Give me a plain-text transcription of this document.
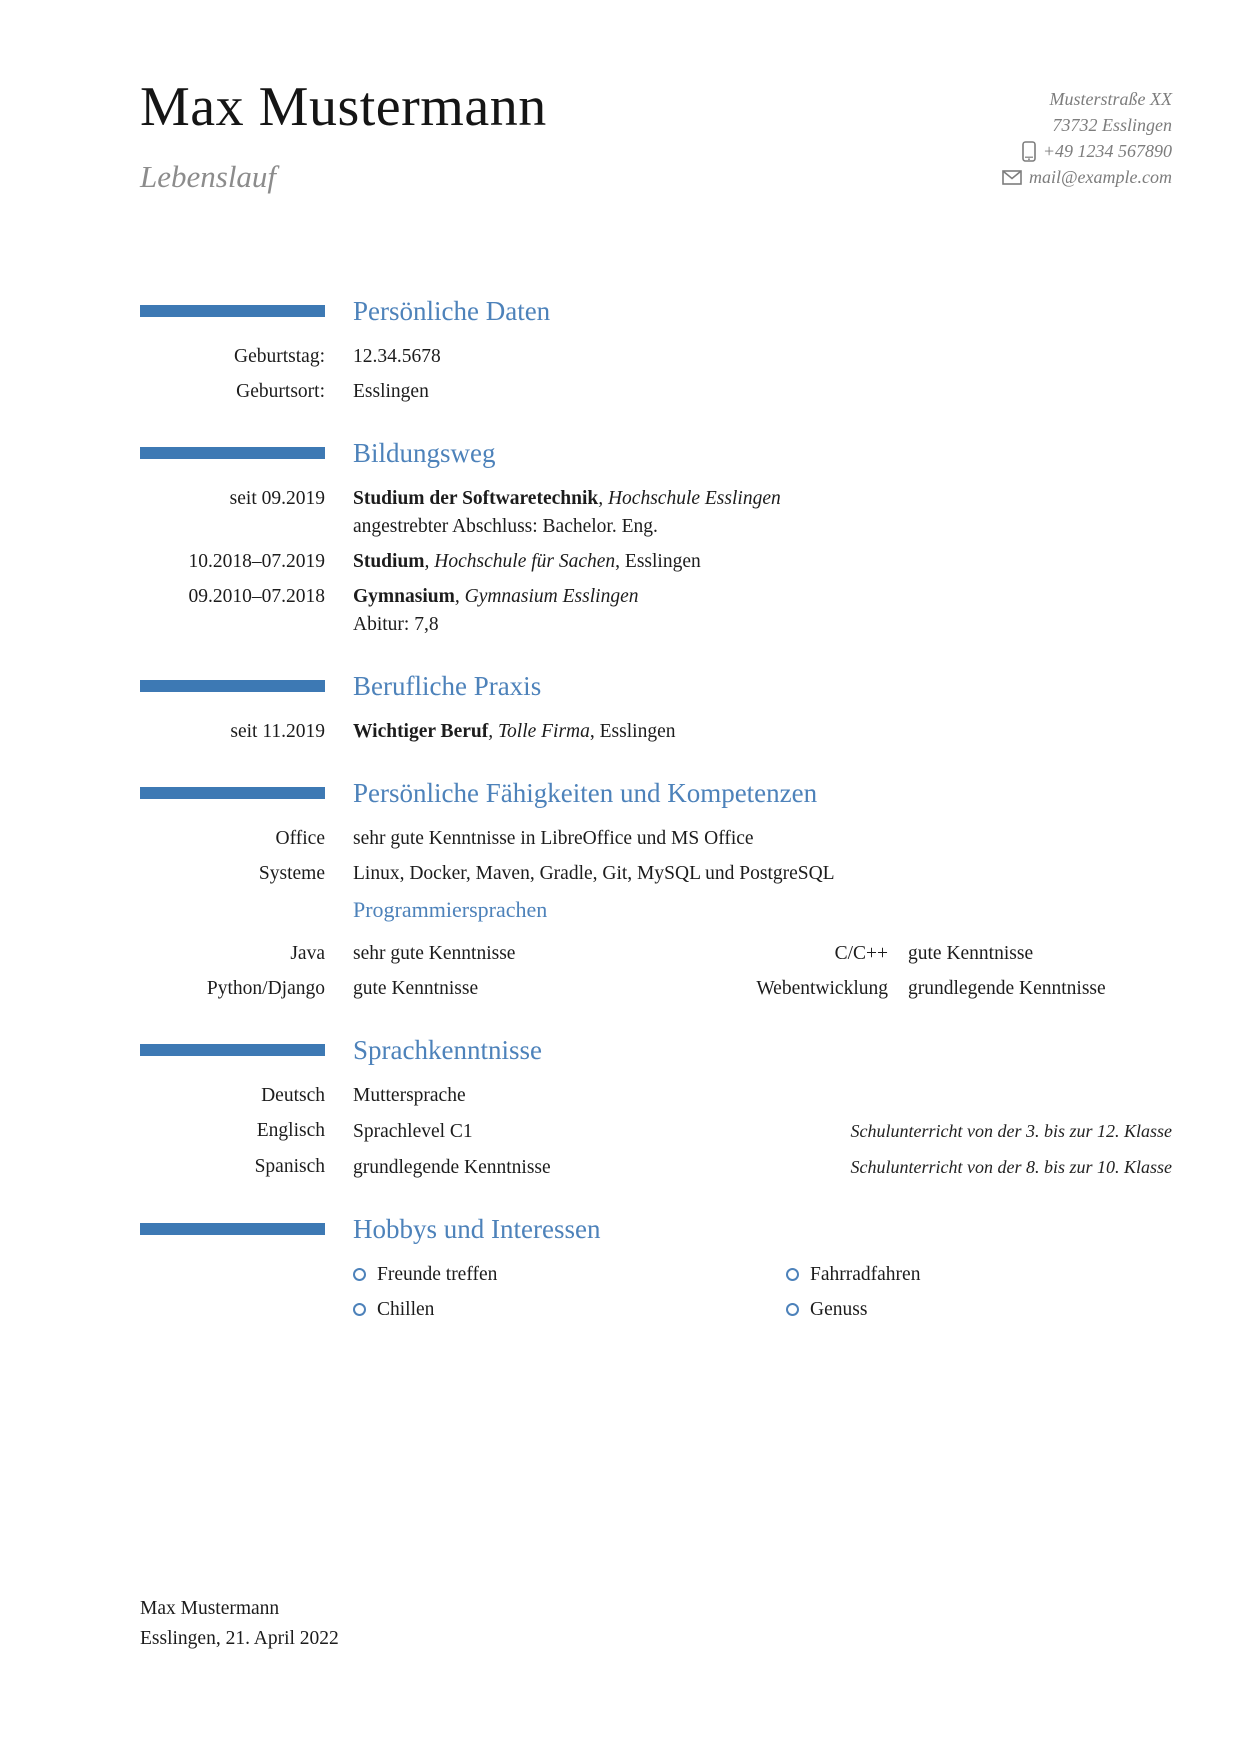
Max Mustermann
Lebenslauf
Musterstraße XX
73732 Esslingen
+49 1234 567890
mail@example.com
Persönliche Daten
Geburtstag: 12.34.5678
Geburtsort: Esslingen
Bildungsweg
seit 09.2019 Studium der Softwaretechnik, Hochschule Esslingen
angestrebter Abschluss: Bachelor. Eng.
10.2018–07.2019 Studium, Hochschule für Sachen, Esslingen
09.2010–07.2018 Gymnasium, Gymnasium Esslingen
Abitur: 7,8
Berufliche Praxis
seit 11.2019 Wichtiger Beruf, Tolle Firma, Esslingen
Persönliche Fähigkeiten und Kompetenzen
Office sehr gute Kenntnisse in LibreOffice und MS Office
Systeme Linux, Docker, Maven, Gradle, Git, MySQL und PostgreSQL
Programmiersprachen
Java sehr gute Kenntnisse	C/C++ gute Kenntnisse
Python/Django gute Kenntnisse	Webentwicklung grundlegende Kenntnisse
Sprachkenntnisse
Deutsch Muttersprache
Englisch Sprachlevel C1	Schulunterricht von der 3. bis zur 12. Klasse
Spanisch grundlegende Kenntnisse	Schulunterricht von der 8. bis zur 10. Klasse
Hobbys und Interessen
Freunde treffen	Fahrradfahren
Chillen	Genuss
Max Mustermann
Esslingen, 21. April 2022
